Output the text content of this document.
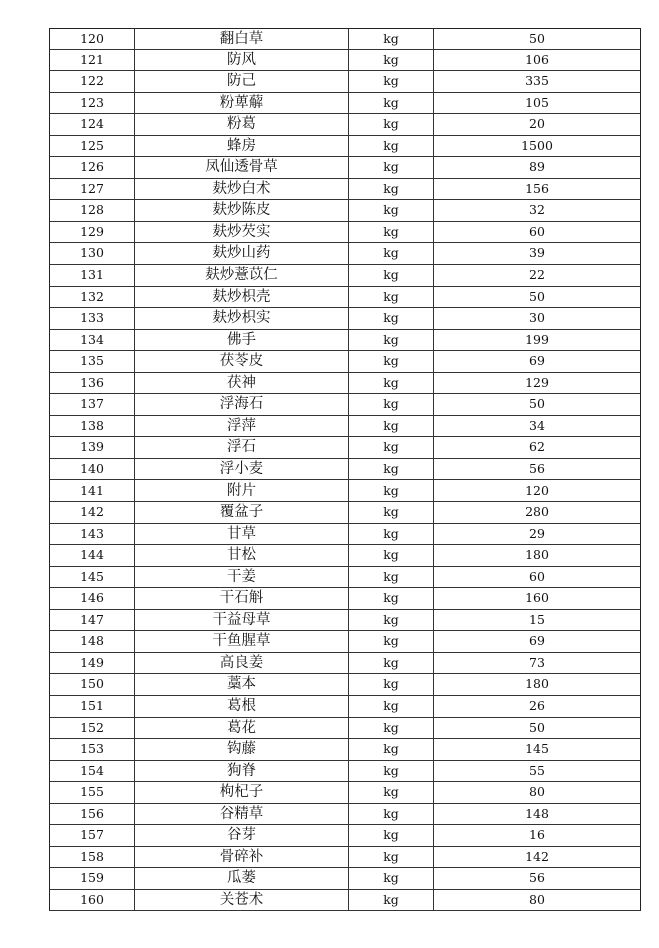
120	翻白草	kg	50
121	防风	kg	106
122	防己	kg	335
123	粉萆薢	kg	105
124	粉葛	kg	20
125	蜂房	kg	1500
126	凤仙透骨草	kg	89
127	麸炒白术	kg	156
128	麸炒陈皮	kg	32
129	麸炒芡实	kg	60
130	麸炒山药	kg	39
131	麸炒薏苡仁	kg	22
132	麸炒枳壳	kg	50
133	麸炒枳实	kg	30
134	佛手	kg	199
135	茯苓皮	kg	69
136	茯神	kg	129
137	浮海石	kg	50
138	浮萍	kg	34
139	浮石	kg	62
140	浮小麦	kg	56
141	附片	kg	120
142	覆盆子	kg	280
143	甘草	kg	29
144	甘松	kg	180
145	干姜	kg	60
146	干石斛	kg	160
147	干益母草	kg	15
148	干鱼腥草	kg	69
149	高良姜	kg	73
150	藁本	kg	180
151	葛根	kg	26
152	葛花	kg	50
153	钩藤	kg	145
154	狗脊	kg	55
155	枸杞子	kg	80
156	谷精草	kg	148
157	谷芽	kg	16
158	骨碎补	kg	142
159	瓜蒌	kg	56
160	关苍术	kg	80
